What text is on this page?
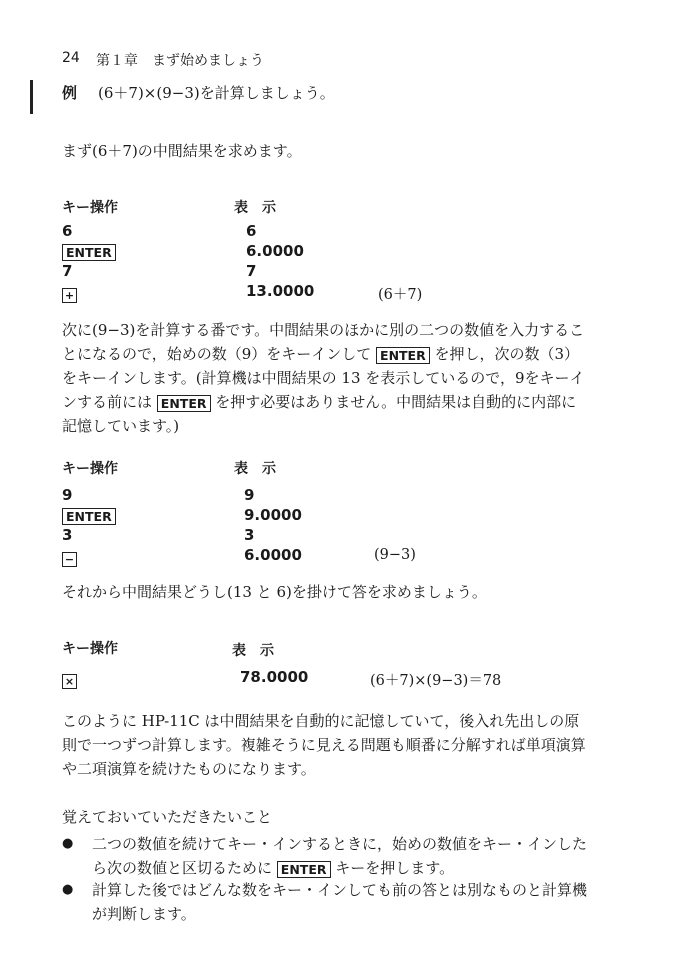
24 第１章　まず始めましょう
例 (6＋7)×(9−3)を計算しましょう。
まず(6＋7)の中間結果を求めます。
キー操作	表　示
6	6
ENTER	6.0000
7	7
+	13.0000	(6＋7)
次に(9−3)を計算する番です。中間結果のほかに別の二つの数値を入力することになるので，始めの数（9）をキーインして ENTER を押し，次の数（3）をキーインします。(計算機は中間結果の 13 を表示しているので，9をキーインする前には ENTER を押す必要はありません。中間結果は自動的に内部に記憶しています。)
キー操作	表　示
9	9
ENTER	9.0000
3	3
−	6.0000	(9−3)
それから中間結果どうし(13 と 6)を掛けて答を求めましょう。
キー操作	表　示
×	78.0000	(6＋7)×(9−3)＝78
このように HP-11C は中間結果を自動的に記憶していて，後入れ先出しの原則で一つずつ計算します。複雑そうに見える問題も順番に分解すれば単項演算や二項演算を続けたものになります。
覚えておいていただきたいこと
● 二つの数値を続けてキー・インするときに，始めの数値をキー・インしたら次の数値と区切るために ENTER キーを押します。
● 計算した後ではどんな数をキー・インしても前の答とは別なものと計算機が判断します。
